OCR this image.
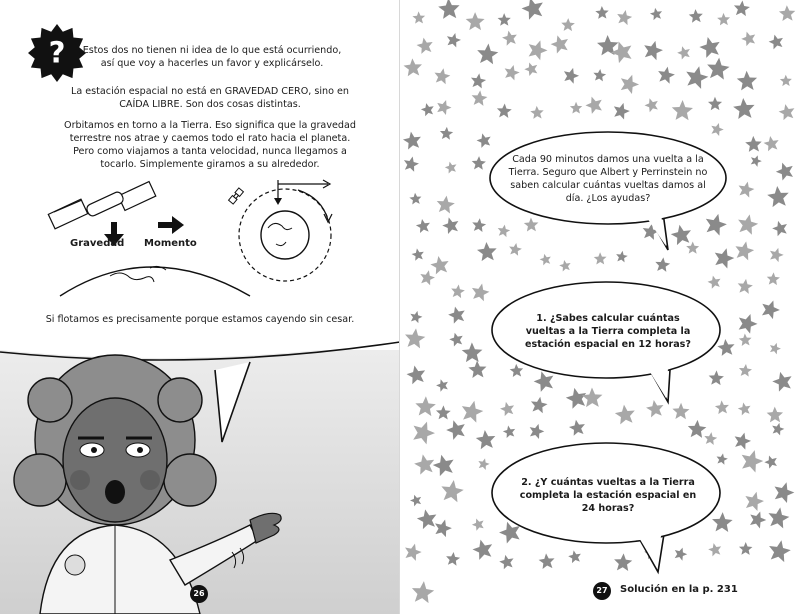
? Estos dos no tienen ni idea de lo que está ocurriendo, así que voy a hacerles un favor y explicárselo.

La estación espacial no está en GRAVEDAD CERO, sino en CAÍDA LIBRE. Son dos cosas distintas.

Orbitamos en torno a la Tierra. Eso significa que la gravedad terrestre nos atrae y caemos todo el rato hacia el planeta. Pero como viajamos a tanta velocidad, nunca llegamos a tocarlo. Simplemente giramos a su alrededor.

Gravedad Momento

Si flotamos es precisamente porque estamos cayendo sin cesar.

26
Cada 90 minutos damos una vuelta a la Tierra. Seguro que Albert y Perrinstein no saben calcular cuántas vueltas damos al día. ¿Los ayudas?
1. ¿Sabes calcular cuántas vueltas a la Tierra completa la estación espacial en 12 horas?
2. ¿Y cuántas vueltas a la Tierra completa la estación espacial en 24 horas?
27	Solución en la p. 231
